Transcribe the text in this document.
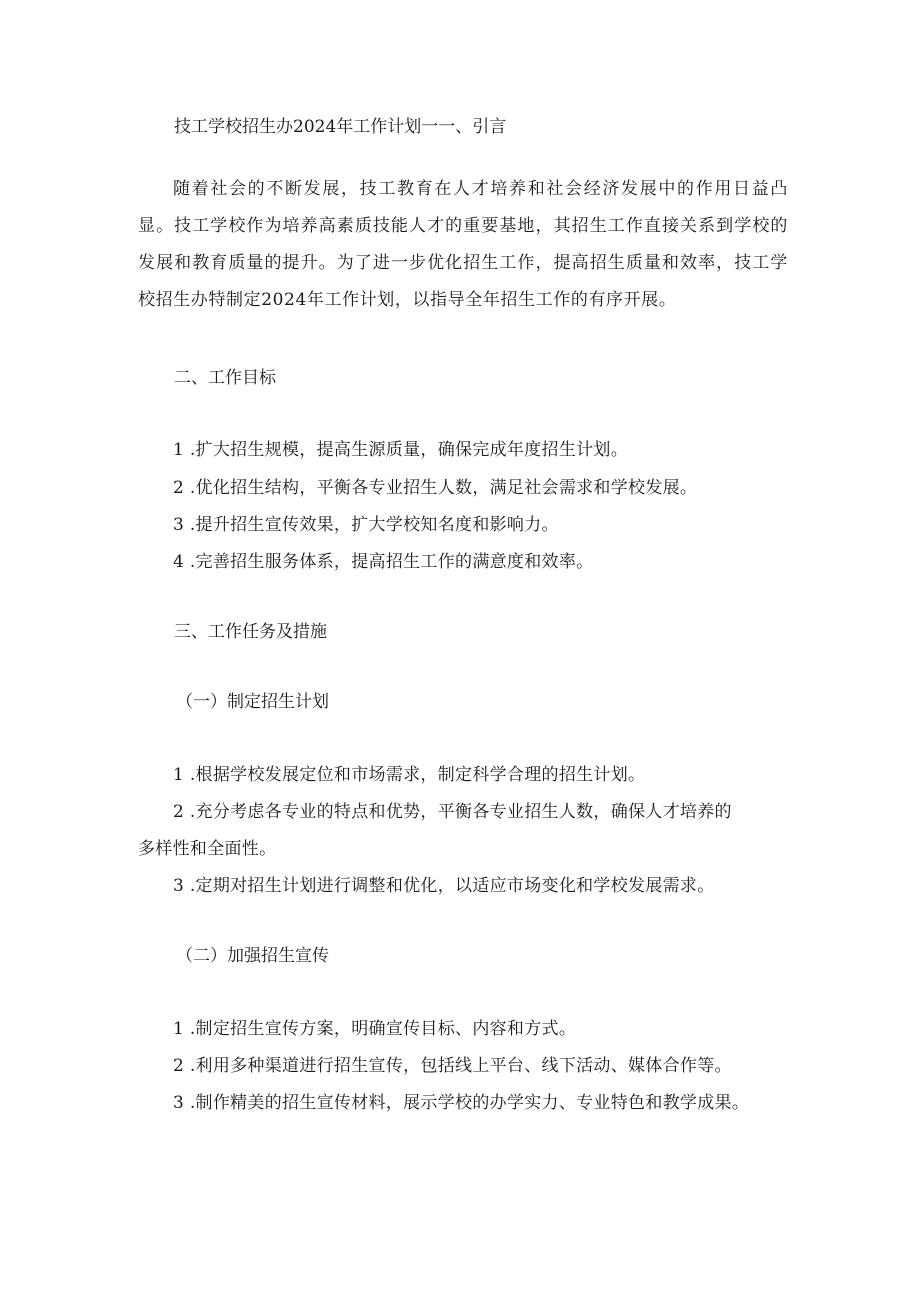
技工学校招生办2024年工作计划一一、引言
随着社会的不断发展，技工教育在人才培养和社会经济发展中的作用日益凸显。技工学校作为培养高素质技能人才的重要基地，其招生工作直接关系到学校的发展和教育质量的提升。为了进一步优化招生工作，提高招生质量和效率，技工学校招生办特制定2024年工作计划，以指导全年招生工作的有序开展。
二、工作目标
1 .扩大招生规模，提高生源质量，确保完成年度招生计划。
2 .优化招生结构，平衡各专业招生人数，满足社会需求和学校发展。
3 .提升招生宣传效果，扩大学校知名度和影响力。
4 .完善招生服务体系，提高招生工作的满意度和效率。
三、工作任务及措施
（一）制定招生计划
1 .根据学校发展定位和市场需求，制定科学合理的招生计划。
2 .充分考虑各专业的特点和优势，平衡各专业招生人数，确保人才培养的
多样性和全面性。
3 .定期对招生计划进行调整和优化，以适应市场变化和学校发展需求。
（二）加强招生宣传
1 .制定招生宣传方案，明确宣传目标、内容和方式。
2 .利用多种渠道进行招生宣传，包括线上平台、线下活动、媒体合作等。
3 .制作精美的招生宣传材料，展示学校的办学实力、专业特色和教学成果。
